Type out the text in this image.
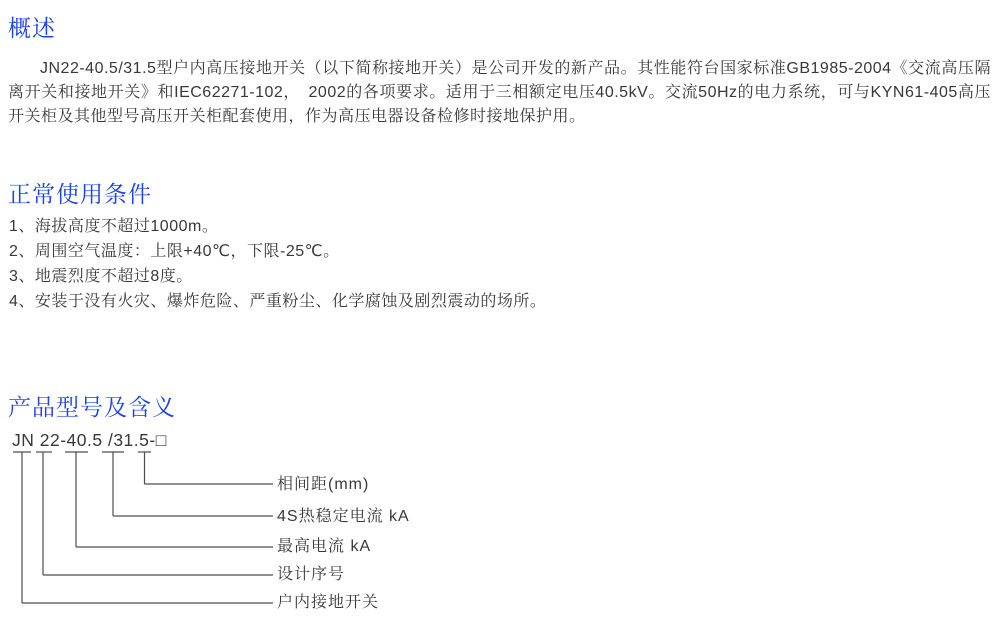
概述

JN22-40.5/31.5型户内高压接地开关（以下简称接地开关）是公司开发的新产品。其性能符台国家标准GB1985-2004《交流高压隔离开关和接地开关》和IEC62271-102， 2002的各项要求。适用于三相额定电压40.5kV。交流50Hz的电力系统，可与KYN61-405高压开关柜及其他型号高压开关柜配套使用，作为高压电器设备检修时接地保护用。

正常使用条件
1、海拔高度不超过1000m。
2、周围空气温度：上限+40℃，下限-25℃。
3、地震烈度不超过8度。
4、安装于没有火灾、爆炸危险、严重粉尘、化学腐蚀及剧烈震动的场所。
产品型号及含义
JN 22-40.5 /31.5-□
相间距(mm)
4S热稳定电流 kA
最高电流 kA
设计序号
户内接地开关
